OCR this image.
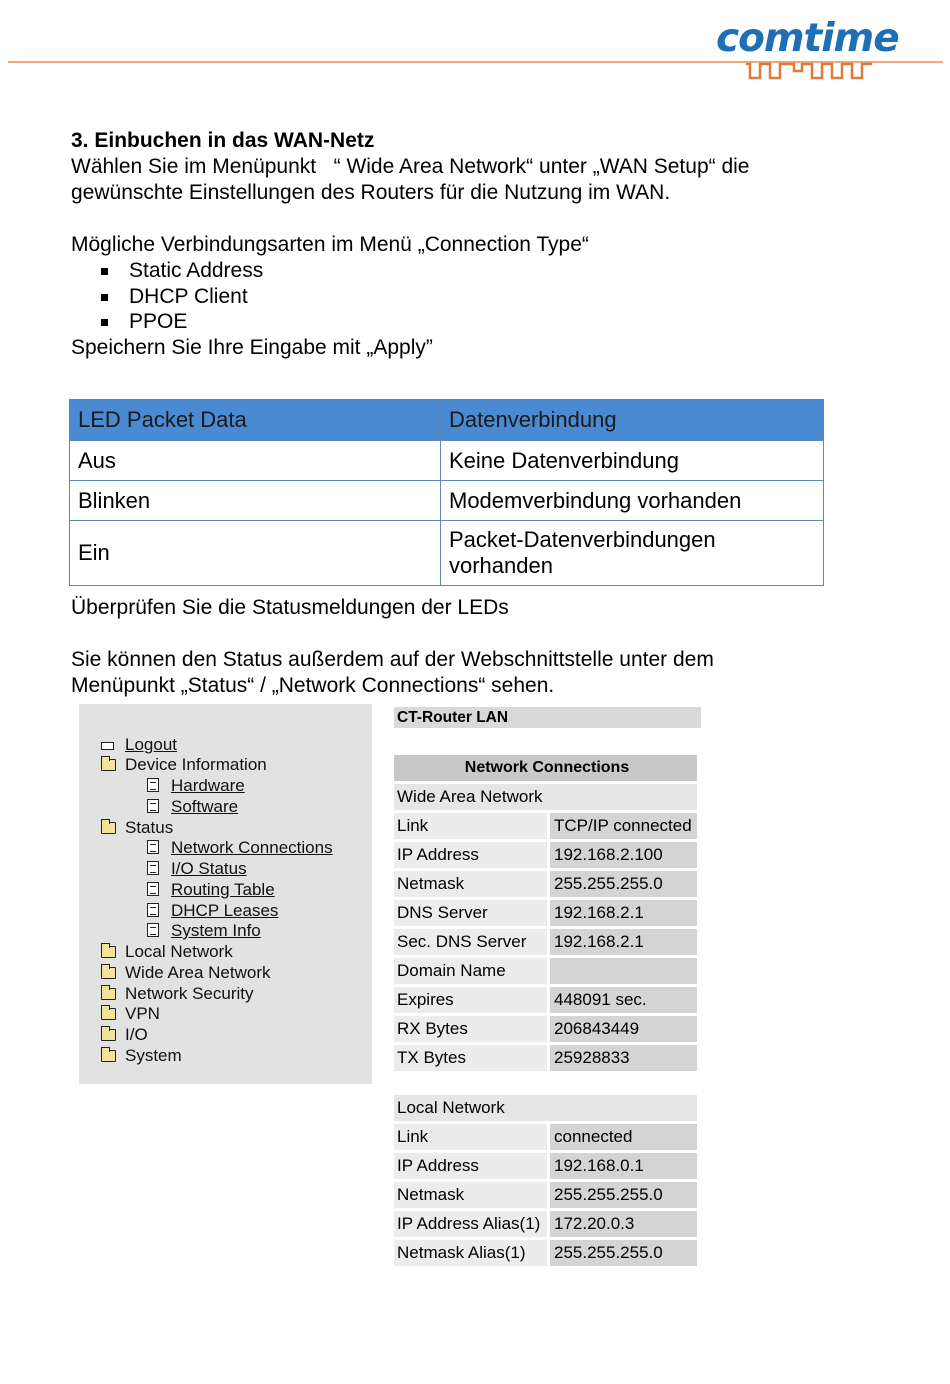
comtime

3. Einbuchen in das WAN-Netz

Wählen Sie im Menüpunkt   “ Wide Area Network“ unter „WAN Setup“ die

gewünschte Einstellungen des Routers für die Nutzung im WAN.

Mögliche Verbindungsarten im Menü „Connection Type“

Static Address
DHCP Client
PPOE

Speichern Sie Ihre Eingabe mit „Apply”

LED Packet Data	Datenverbindung
Aus	Keine Datenverbindung
Blinken	Modemverbindung vorhanden
Ein	Packet-Datenverbindungen vorhanden

Überprüfen Sie die Statusmeldungen der LEDs

Sie können den Status außerdem auf der Webschnittstelle unter dem

Menüpunkt „Status“ / „Network Connections“ sehen.

Logout
Device Information
Hardware
Software
Status
Network Connections
I/O Status
Routing Table
DHCP Leases
System Info
Local Network
Wide Area Network
Network Security
VPN
I/O
System
CT-Router LAN
Network Connections	
Wide Area Network	
Link	TCP/IP connected
IP Address	192.168.2.100
Netmask	255.255.255.0
DNS Server	192.168.2.1
Sec. DNS Server	192.168.2.1
Domain Name	
Expires	448091 sec.
RX Bytes	206843449
TX Bytes	25928833

Local Network	
Link	connected
IP Address	192.168.0.1
Netmask	255.255.255.0
IP Address Alias(1)	172.20.0.3
Netmask Alias(1)	255.255.255.0
